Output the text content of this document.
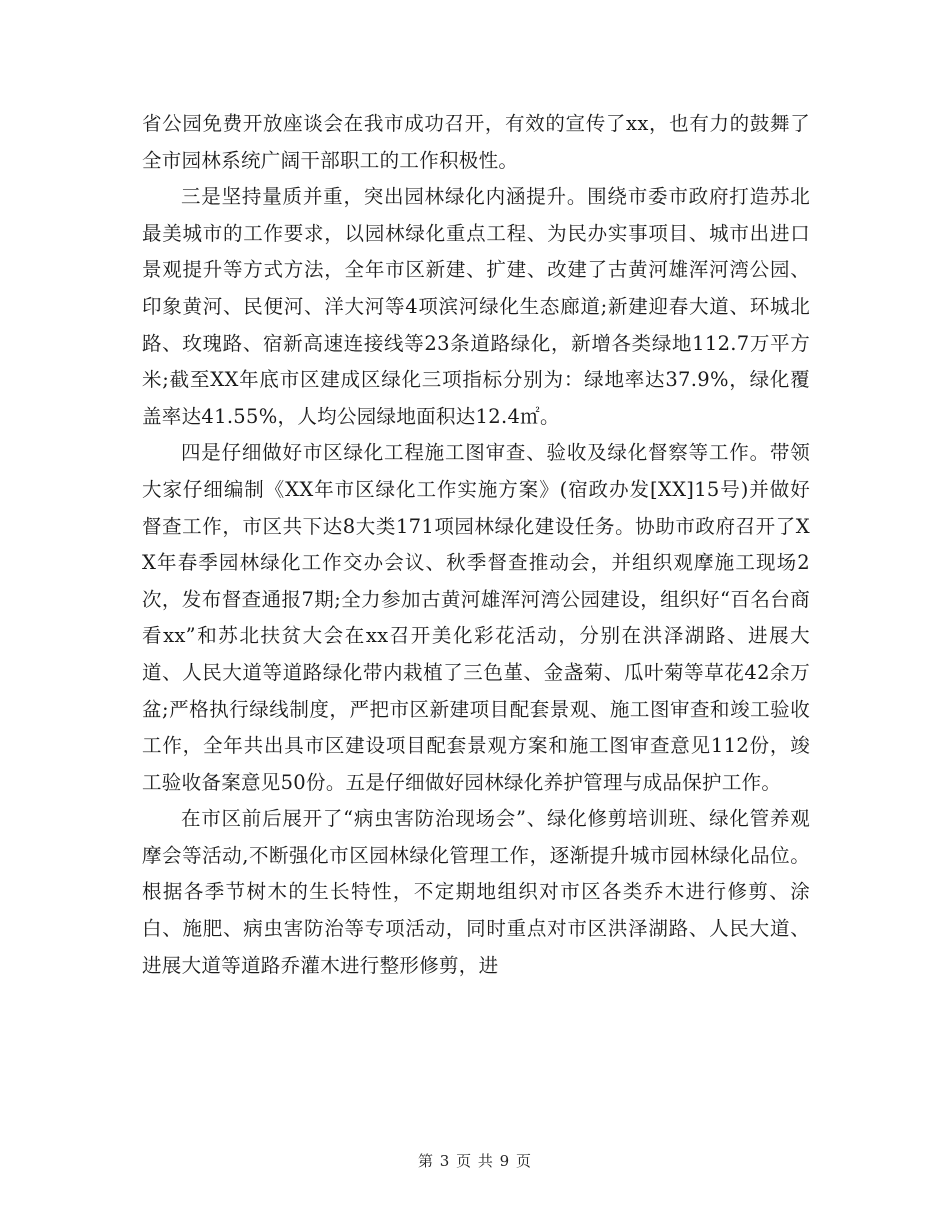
省公园免费开放座谈会在我市成功召开，有效的宣传了xx，也有力的鼓舞了全市园林系统广阔干部职工的工作积极性。

三是坚持量质并重，突出园林绿化内涵提升。围绕市委市政府打造苏北最美城市的工作要求，以园林绿化重点工程、为民办实事项目、城市出进口景观提升等方式方法，全年市区新建、扩建、改建了古黄河雄浑河湾公园、印象黄河、民便河、洋大河等4项滨河绿化生态廊道;新建迎春大道、环城北路、玫瑰路、宿新高速连接线等23条道路绿化，新增各类绿地112.7万平方米;截至XX年底市区建成区绿化三项指标分别为：绿地率达37.9%，绿化覆盖率达41.55%，人均公园绿地面积达12.4㎡。

四是仔细做好市区绿化工程施工图审查、验收及绿化督察等工作。带领大家仔细编制《XX年市区绿化工作实施方案》(宿政办发[XX]15号)并做好督查工作，市区共下达8大类171项园林绿化建设任务。协助市政府召开了XX年春季园林绿化工作交办会议、秋季督查推动会，并组织观摩施工现场2次，发布督查通报7期;全力参加古黄河雄浑河湾公园建设，组织好“百名台商看xx”和苏北扶贫大会在xx召开美化彩花活动，分别在洪泽湖路、进展大道、人民大道等道路绿化带内栽植了三色堇、金盏菊、瓜叶菊等草花42余万盆;严格执行绿线制度，严把市区新建项目配套景观、施工图审查和竣工验收工作，全年共出具市区建设项目配套景观方案和施工图审查意见112份，竣工验收备案意见50份。五是仔细做好园林绿化养护管理与成品保护工作。

在市区前后展开了“病虫害防治现场会”、绿化修剪培训班、绿化管养观摩会等活动,不断强化市区园林绿化管理工作，逐渐提升城市园林绿化品位。根据各季节树木的生长特性，不定期地组织对市区各类乔木进行修剪、涂白、施肥、病虫害防治等专项活动，同时重点对市区洪泽湖路、人民大道、进展大道等道路乔灌木进行整形修剪，进

第 3 页 共 9 页
